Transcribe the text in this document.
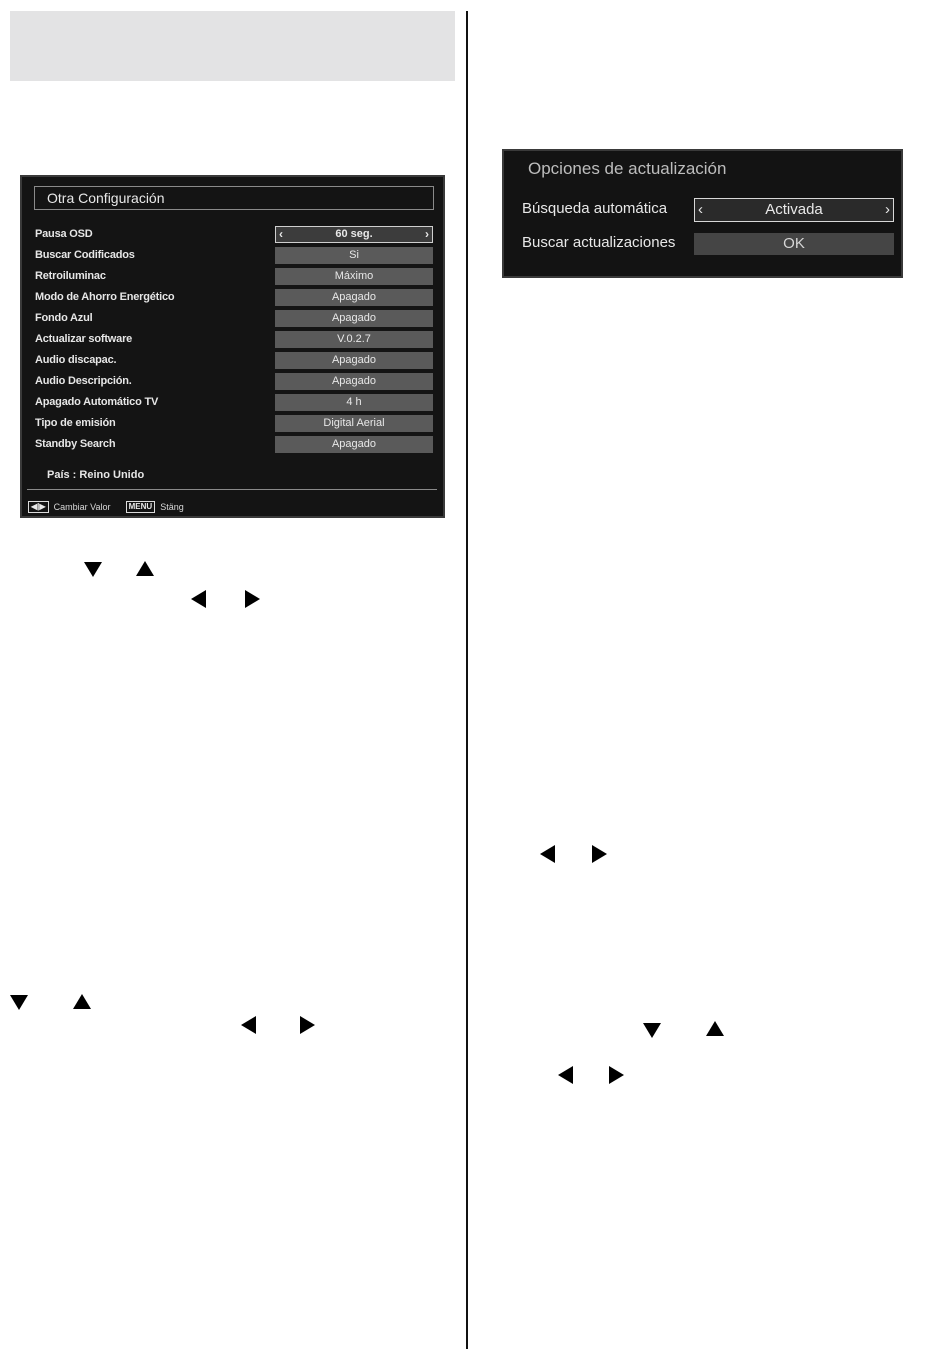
Otra Configuración
Pausa OSD	‹	60 seg.	›
Buscar Codificados	Si
Retroiluminac	Máximo
Modo de Ahorro Energético	Apagado
Fondo Azul	Apagado
Actualizar software	V.0.2.7
Audio discapac.	Apagado
Audio Descripción.	Apagado
Apagado Automático TV	4 h
Tipo de emisión	Digital Aerial
Standby Search	Apagado
País : Reino Unido
◀|▶ Cambiar Valor MENU Stäng
Opciones de actualización
Búsqueda automática ‹	Activada	›
Buscar actualizaciones	OK
